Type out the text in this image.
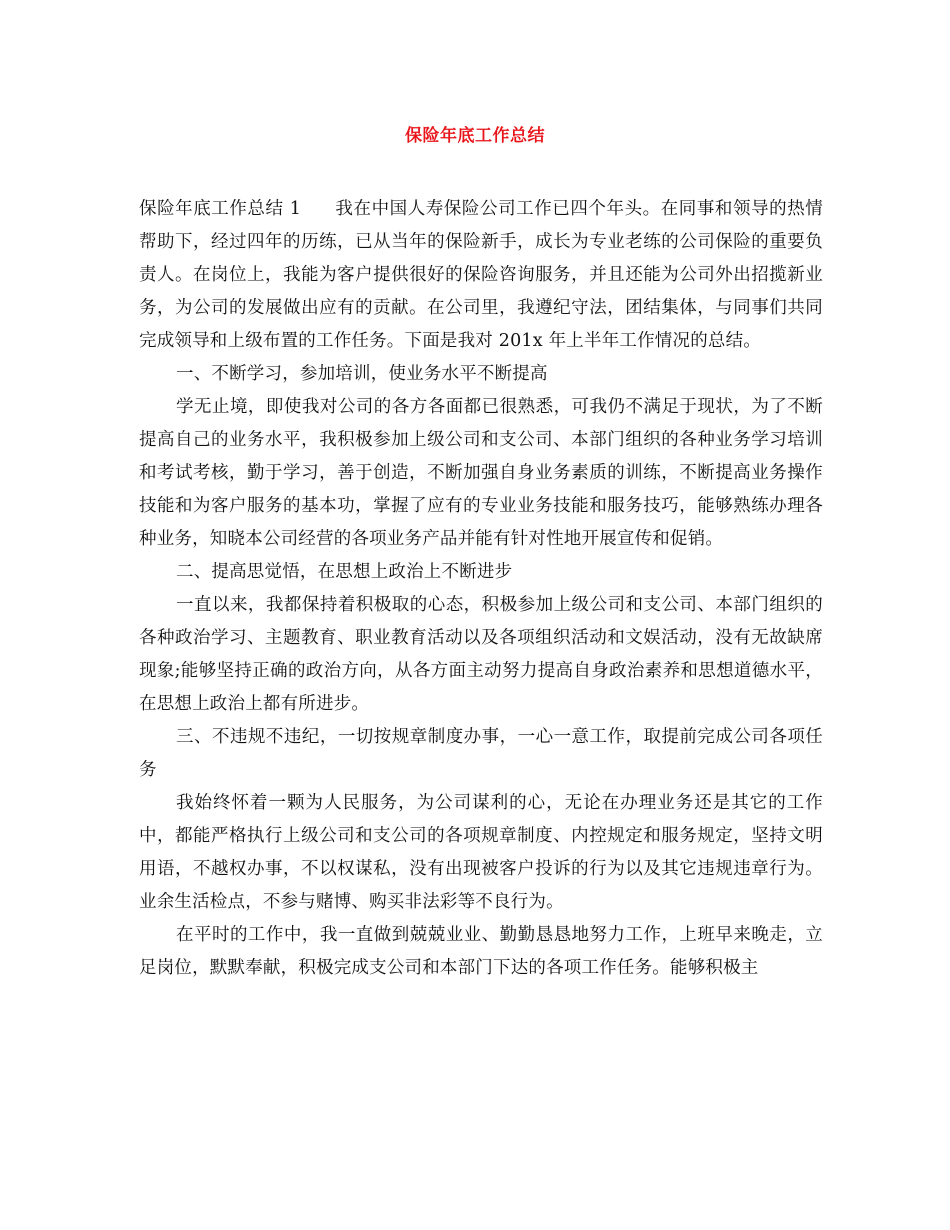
保险年底工作总结

保险年底工作总结 1 我在中国人寿保险公司工作已四个年头。在同事和领导的热情帮助下，经过四年的历练，已从当年的保险新手，成长为专业老练的公司保险的重要负责人。在岗位上，我能为客户提供很好的保险咨询服务，并且还能为公司外出招揽新业务，为公司的发展做出应有的贡献。在公司里，我遵纪守法，团结集体，与同事们共同完成领导和上级布置的工作任务。下面是我对 201x 年上半年工作情况的总结。

一、不断学习，参加培训，使业务水平不断提高

学无止境，即使我对公司的各方各面都已很熟悉，可我仍不满足于现状，为了不断提高自己的业务水平，我积极参加上级公司和支公司、本部门组织的各种业务学习培训和考试考核，勤于学习，善于创造，不断加强自身业务素质的训练，不断提高业务操作技能和为客户服务的基本功，掌握了应有的专业业务技能和服务技巧，能够熟练办理各种业务，知晓本公司经营的各项业务产品并能有针对性地开展宣传和促销。

二、提高思觉悟，在思想上政治上不断进步

一直以来，我都保持着积极取的心态，积极参加上级公司和支公司、本部门组织的各种政治学习、主题教育、职业教育活动以及各项组织活动和文娱活动，没有无故缺席现象;能够坚持正确的政治方向，从各方面主动努力提高自身政治素养和思想道德水平，在思想上政治上都有所进步。

三、不违规不违纪，一切按规章制度办事，一心一意工作，取提前完成公司各项任务

我始终怀着一颗为人民服务，为公司谋利的心，无论在办理业务还是其它的工作中，都能严格执行上级公司和支公司的各项规章制度、内控规定和服务规定，坚持文明用语，不越权办事，不以权谋私，没有出现被客户投诉的行为以及其它违规违章行为。业余生活检点，不参与赌博、购买非法彩等不良行为。

在平时的工作中，我一直做到兢兢业业、勤勤恳恳地努力工作，上班早来晚走，立足岗位，默默奉献，积极完成支公司和本部门下达的各项工作任务。能够积极主
